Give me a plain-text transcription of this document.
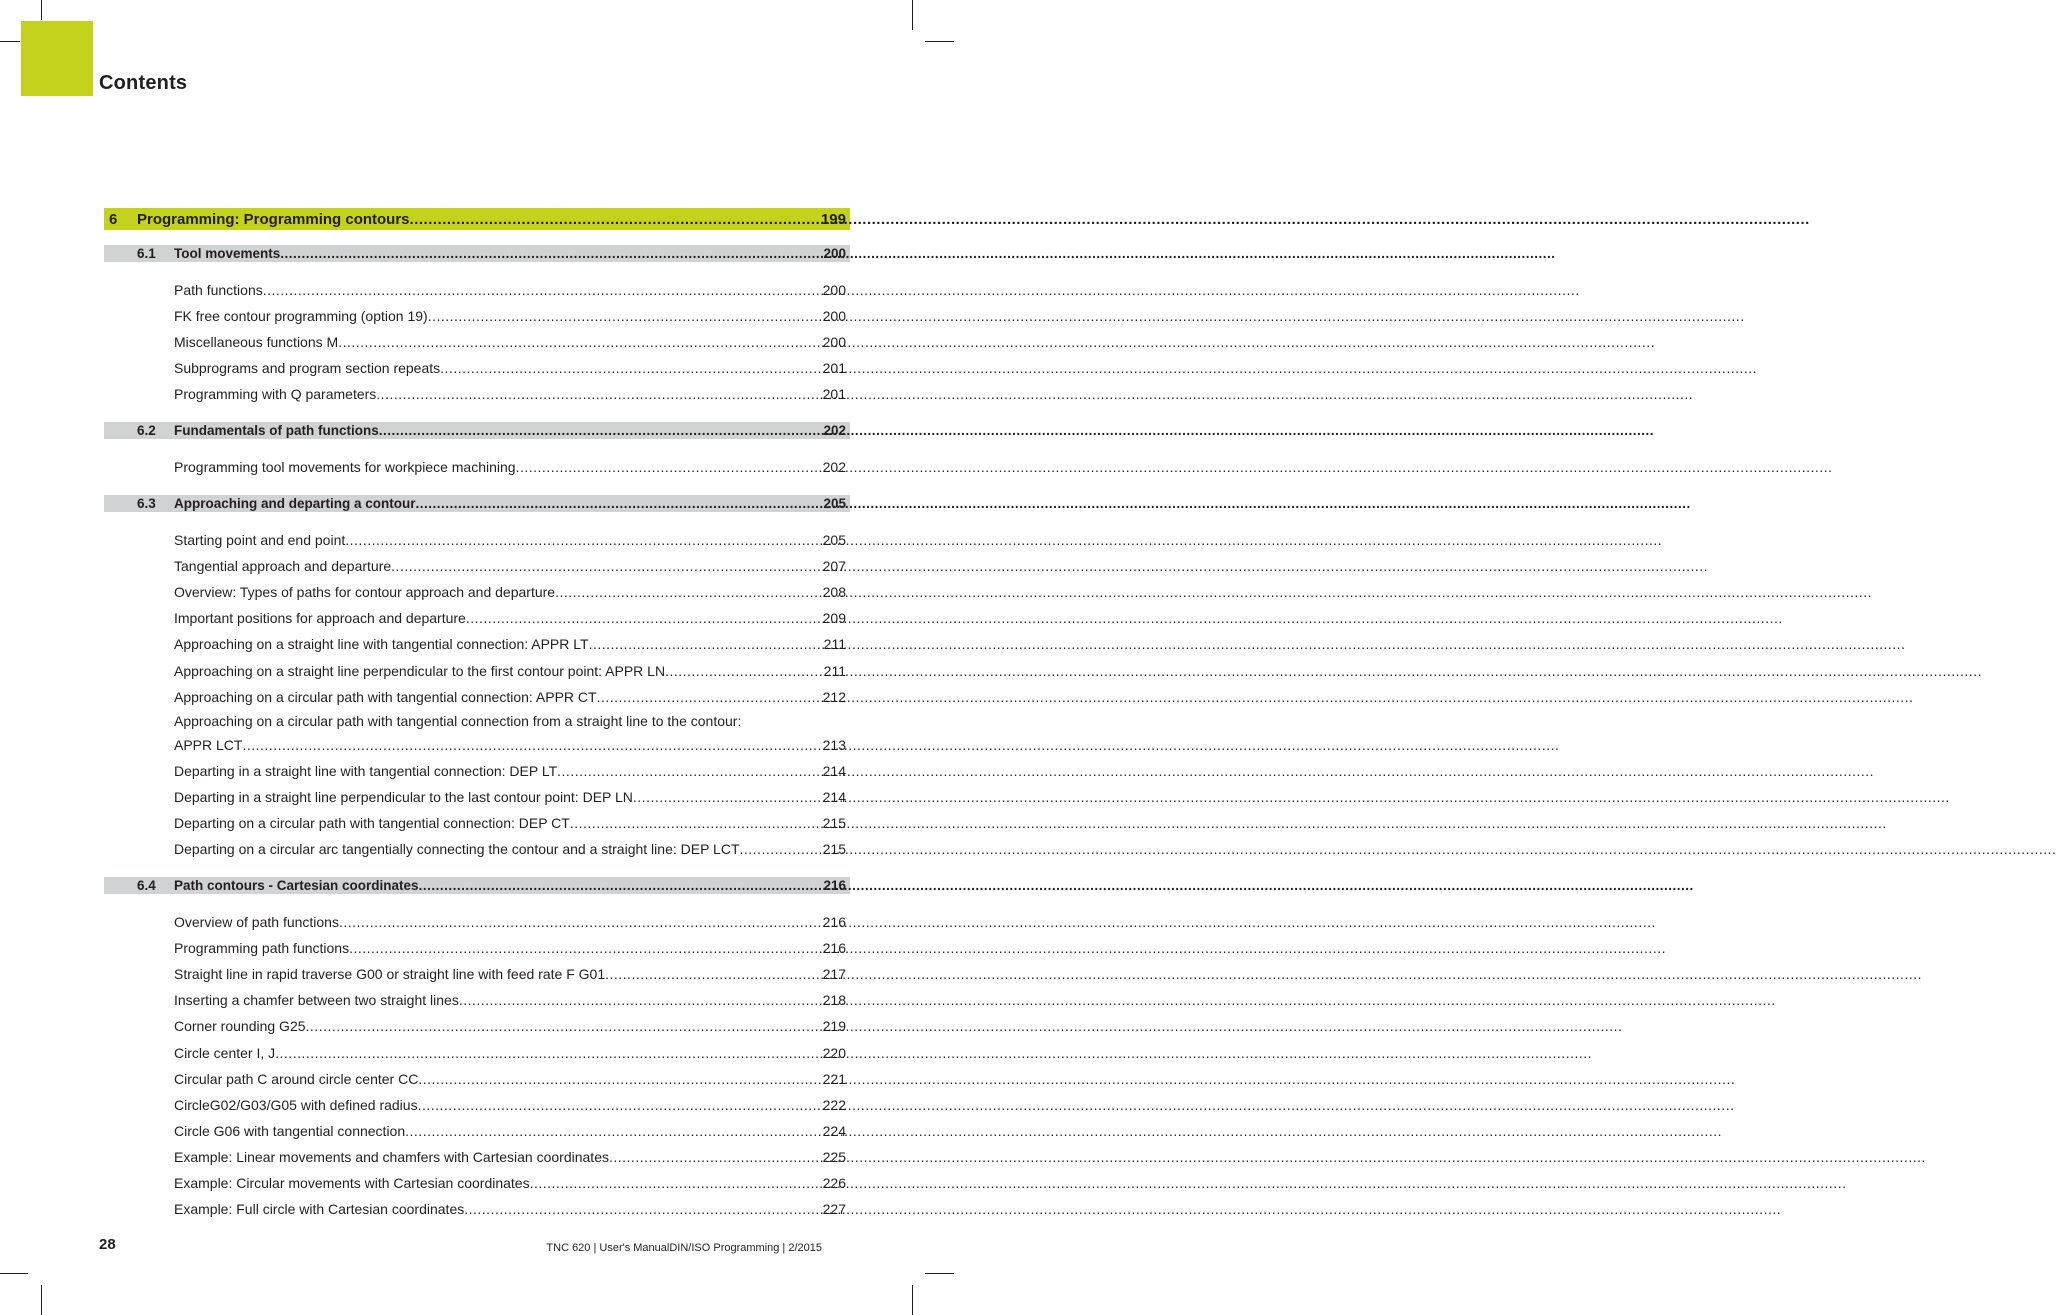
Contents
6	Programming: Programming contours .....	199
6.1	Tool movements .....	200
Path functions .....	200
FK free contour programming (option 19) .....	200
Miscellaneous functions M .....	200
Subprograms and program section repeats .....	201
Programming with Q parameters .....	201
6.2	Fundamentals of path functions .....	202
Programming tool movements for workpiece machining .....	202
6.3	Approaching and departing a contour .....	205
Starting point and end point .....	205
Tangential approach and departure .....	207
Overview: Types of paths for contour approach and departure .....	208
Important positions for approach and departure .....	209
Approaching on a straight line with tangential connection: APPR LT .....	211
Approaching on a straight line perpendicular to the first contour point: APPR LN .....	211
Approaching on a circular path with tangential connection: APPR CT .....	212
Approaching on a circular path with tangential connection from a straight line to the contour:
APPR LCT .....	213
Departing in a straight line with tangential connection: DEP LT .....	214
Departing in a straight line perpendicular to the last contour point: DEP LN .....	214
Departing on a circular path with tangential connection: DEP CT .....	215
Departing on a circular arc tangentially connecting the contour and a straight line: DEP LCT .....	215
6.4	Path contours - Cartesian coordinates .....	216
Overview of path functions .....	216
Programming path functions .....	216
Straight line in rapid traverse G00 or straight line with feed rate F G01 .....	217
Inserting a chamfer between two straight lines .....	218
Corner rounding G25 .....	219
Circle center I, J .....	220
Circular path C around circle center CC .....	221
CircleG02/G03/G05 with defined radius .....	222
Circle G06 with tangential connection .....	224
Example: Linear movements and chamfers with Cartesian coordinates .....	225
Example: Circular movements with Cartesian coordinates .....	226
Example: Full circle with Cartesian coordinates .....	227
28	TNC 620 | User's ManualDIN/ISO Programming | 2/2015
